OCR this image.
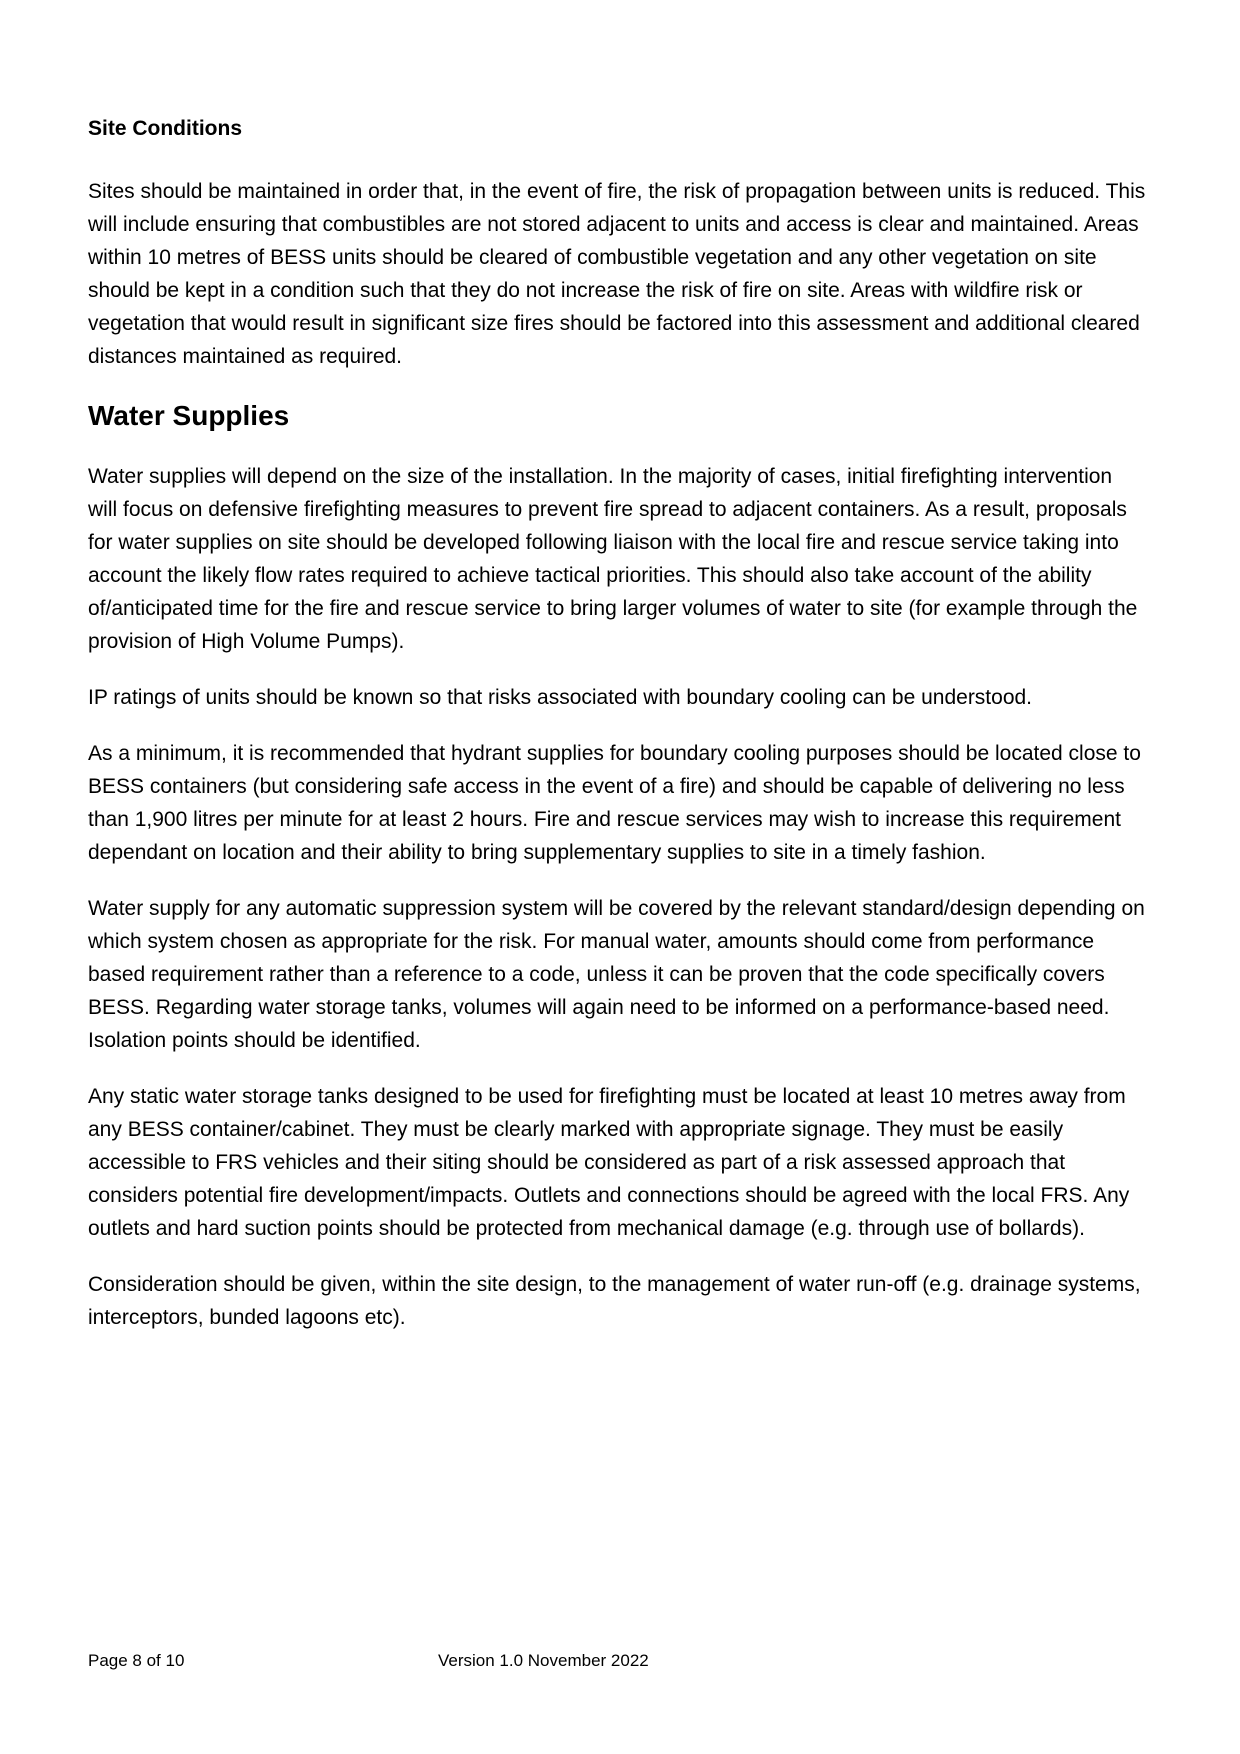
Site Conditions

Sites should be maintained in order that, in the event of fire, the risk of propagation between units is reduced. This will include ensuring that combustibles are not stored adjacent to units and access is clear and maintained. Areas within 10 metres of BESS units should be cleared of combustible vegetation and any other vegetation on site should be kept in a condition such that they do not increase the risk of fire on site. Areas with wildfire risk or vegetation that would result in significant size fires should be factored into this assessment and additional cleared distances maintained as required.

Water Supplies

Water supplies will depend on the size of the installation. In the majority of cases, initial firefighting intervention will focus on defensive firefighting measures to prevent fire spread to adjacent containers. As a result, proposals for water supplies on site should be developed following liaison with the local fire and rescue service taking into account the likely flow rates required to achieve tactical priorities. This should also take account of the ability of/anticipated time for the fire and rescue service to bring larger volumes of water to site (for example through the provision of High Volume Pumps).

IP ratings of units should be known so that risks associated with boundary cooling can be understood.

As a minimum, it is recommended that hydrant supplies for boundary cooling purposes should be located close to BESS containers (but considering safe access in the event of a fire) and should be capable of delivering no less than 1,900 litres per minute for at least 2 hours. Fire and rescue services may wish to increase this requirement dependant on location and their ability to bring supplementary supplies to site in a timely fashion.

Water supply for any automatic suppression system will be covered by the relevant standard/design depending on which system chosen as appropriate for the risk. For manual water, amounts should come from performance based requirement rather than a reference to a code, unless it can be proven that the code specifically covers BESS. Regarding water storage tanks, volumes will again need to be informed on a performance-based need. Isolation points should be identified.

Any static water storage tanks designed to be used for firefighting must be located at least 10 metres away from any BESS container/cabinet. They must be clearly marked with appropriate signage. They must be easily accessible to FRS vehicles and their siting should be considered as part of a risk assessed approach that considers potential fire development/impacts. Outlets and connections should be agreed with the local FRS. Any outlets and hard suction points should be protected from mechanical damage (e.g. through use of bollards).

Consideration should be given, within the site design, to the management of water run-off (e.g. drainage systems, interceptors, bunded lagoons etc).

Page 8 of 10	Version 1.0 November 2022
